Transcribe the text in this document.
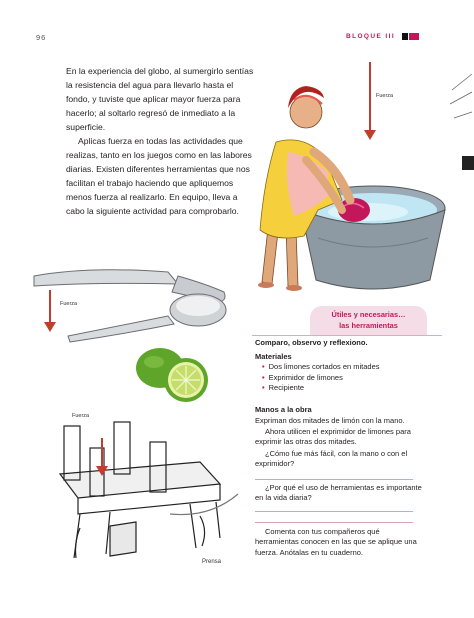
96	BLOQUE III

En la experiencia del globo, al sumergirlo sentías la resistencia del agua para llevarlo hasta el fondo, y tuviste que aplicar mayor fuerza para hacerlo; al soltarlo regresó de inmediato a la superficie.

Aplicas fuerza en todas las actividades que realizas, tanto en los juegos como en las labores diarias. Existen diferentes herramientas que nos facilitan el trabajo haciendo que apliquemos menos fuerza al realizarlo. En equipo, lleva a cabo la siguiente actividad para comprobarlo.

Fuerza
Fuerza
Fuerza
Prensa
Útiles y necesarias…
las herramientas
Comparo, observo y reflexiono.
Materiales
• Dos limones cortados en mitades
• Exprimidor de limones
• Recipiente
Manos a la obra
Expriman dos mitades de limón con la mano.
Ahora utilicen el exprimidor de limones para exprimir las otras dos mitades.
¿Cómo fue más fácil, con la mano o con el exprimidor?
¿Por qué el uso de herramientas es importante en la vida diaria?
Comenta con tus compañeros qué herramientas conocen en las que se aplique una fuerza. Anótalas en tu cuaderno.
